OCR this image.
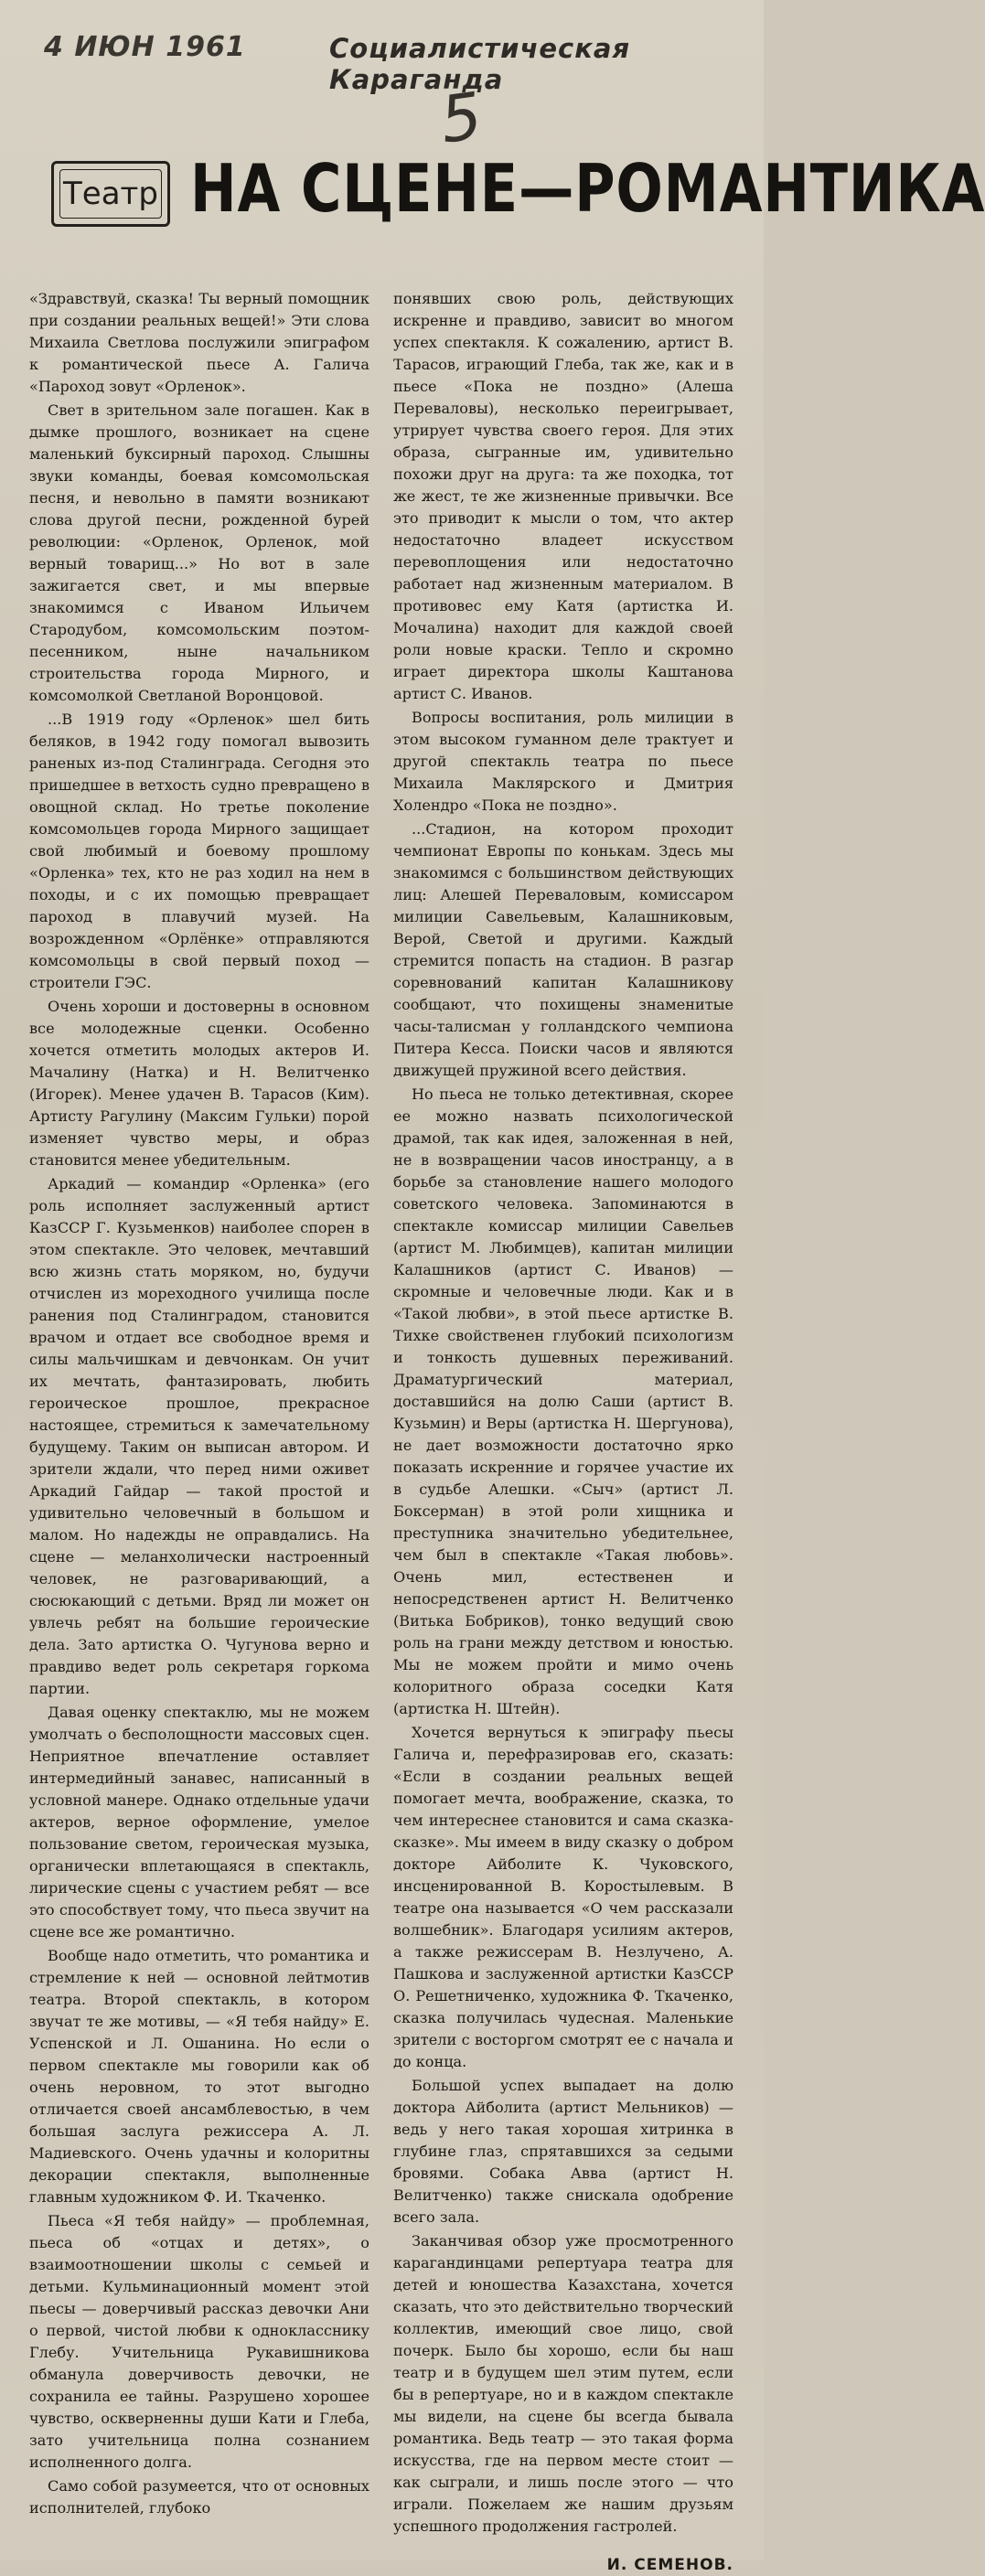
4 ИЮН 1961	Социалистическая Караганда
5
Театр НА СЦЕНЕ—РОМАНТИКА

«Здравствуй, сказка! Ты верный помощник при создании реальных вещей!» Эти слова Михаила Светлова послужили эпиграфом к романтической пьесе А. Галича «Пароход зовут «Орленок».

Свет в зрительном зале погашен. Как в дымке прошлого, возникает на сцене маленький буксирный пароход. Слышны звуки команды, боевая комсомольская песня, и невольно в памяти возникают слова другой песни, рожденной бурей революции: «Орленок, Орленок, мой верный товарищ...» Но вот в зале зажигается свет, и мы впервые знакомимся с Иваном Ильичем Стародубом, комсомольским поэтом-песенником, ныне начальником строительства города Мирного, и комсомолкой Светланой Воронцовой.

...В 1919 году «Орленок» шел бить беляков, в 1942 году помогал вывозить раненых из-под Сталинграда. Сегодня это пришедшее в ветхость судно превращено в овощной склад. Но третье поколение комсомольцев города Мирного защищает свой любимый и боевому прошлому «Орленка» тех, кто не раз ходил на нем в походы, и с их помощью превращает пароход в плавучий музей. На возрожденном «Орлёнке» отправляются комсомольцы в свой первый поход — строители ГЭС.

Очень хороши и достоверны в основном все молодежные сценки. Особенно хочется отметить молодых актеров И. Мачалину (Натка) и Н. Велитченко (Игорек). Менее удачен В. Тарасов (Ким). Артисту Рагулину (Максим Гульки) порой изменяет чувство меры, и образ становится менее убедительным.

Аркадий — командир «Орленка» (его роль исполняет заслуженный артист КазССР Г. Кузьменков) наиболее спорен в этом спектакле. Это человек, мечтавший всю жизнь стать моряком, но, будучи отчислен из мореходного училища после ранения под Сталинградом, становится врачом и отдает все свободное время и силы мальчишкам и девчонкам. Он учит их мечтать, фантазировать, любить героическое прошлое, прекрасное настоящее, стремиться к замечательному будущему. Таким он выписан автором. И зрители ждали, что перед ними оживет Аркадий Гайдар — такой простой и удивительно человечный в большом и малом. Но надежды не оправдались. На сцене — меланхолически настроенный человек, не разговаривающий, а сюсюкающий с детьми. Вряд ли может он увлечь ребят на большие героические дела. Зато артистка О. Чугунова верно и правдиво ведет роль секретаря горкома партии.

Давая оценку спектаклю, мы не можем умолчать о бесполощности массовых сцен. Неприятное впечатление оставляет интермедийный занавес, написанный в условной манере. Однако отдельные удачи актеров, верное оформление, умелое пользование светом, героическая музыка, органически вплетающаяся в спектакль, лирические сцены с участием ребят — все это способствует тому, что пьеса звучит на сцене все же романтично.

Вообще надо отметить, что романтика и стремление к ней — основной лейтмотив театра. Второй спектакль, в котором звучат те же мотивы, — «Я тебя найду» Е. Успенской и Л. Ошанина. Но если о первом спектакле мы говорили как об очень неровном, то этот выгодно отличается своей ансамблевостью, в чем большая заслуга режиссера А. Л. Мадиевского. Очень удачны и колоритны декорации спектакля, выполненные главным художником Ф. И. Ткаченко.

Пьеса «Я тебя найду» — проблемная, пьеса об «отцах и детях», о взаимоотношении школы с семьей и детьми. Кульминационный момент этой пьесы — доверчивый рассказ девочки Ани о первой, чистой любви к однокласснику Глебу. Учительница Рукавишникова обманула доверчивость девочки, не сохранила ее тайны. Разрушено хорошее чувство, оскверненны души Кати и Глеба, зато учительница полна сознанием исполненного долга.

Само собой разумеется, что от основных исполнителей, глубоко

понявших свою роль, действующих искренне и правдиво, зависит во многом успех спектакля. К сожалению, артист В. Тарасов, играющий Глеба, так же, как и в пьесе «Пока не поздно» (Алеша Переваловы), несколько переигрывает, утрирует чувства своего героя. Для этих образа, сыгранные им, удивительно похожи друг на друга: та же походка, тот же жест, те же жизненные привычки. Все это приводит к мысли о том, что актер недостаточно владеет искусством перевоплощения или недостаточно работает над жизненным материалом. В противовес ему Катя (артистка И. Мочалина) находит для каждой своей роли новые краски. Тепло и скромно играет директора школы Каштанова артист С. Иванов.

Вопросы воспитания, роль милиции в этом высоком гуманном деле трактует и другой спектакль театра по пьесе Михаила Маклярского и Дмитрия Холендро «Пока не поздно».

...Стадион, на котором проходит чемпионат Европы по конькам. Здесь мы знакомимся с большинством действующих лиц: Алешей Переваловым, комиссаром милиции Савельевым, Калашниковым, Верой, Светой и другими. Каждый стремится попасть на стадион. В разгар соревнований капитан Калашникову сообщают, что похищены знаменитые часы-талисман у голландского чемпиона Питера Кесса. Поиски часов и являются движущей пружиной всего действия.

Но пьеса не только детективная, скорее ее можно назвать психологической драмой, так как идея, заложенная в ней, не в возвращении часов иностранцу, а в борьбе за становление нашего молодого советского человека. Запоминаются в спектакле комиссар милиции Савельев (артист М. Любимцев), капитан милиции Калашников (артист С. Иванов) — скромные и человечные люди. Как и в «Такой любви», в этой пьесе артистке В. Тихке свойственен глубокий психологизм и тонкость душевных переживаний. Драматургический материал, доставшийся на долю Саши (артист В. Кузьмин) и Веры (артистка Н. Шергунова), не дает возможности достаточно ярко показать искренние и горячее участие их в судьбе Алешки. «Сыч» (артист Л. Боксерман) в этой роли хищника и преступника значительно убедительнее, чем был в спектакле «Такая любовь». Очень мил, естественен и непосредственен артист Н. Велитченко (Витька Бобриков), тонко ведущий свою роль на грани между детством и юностью. Мы не можем пройти и мимо очень колоритного образа соседки Катя (артистка Н. Штейн).

Хочется вернуться к эпиграфу пьесы Галича и, перефразировав его, сказать: «Если в создании реальных вещей помогает мечта, воображение, сказка, то чем интереснее становится и сама сказка-сказке». Мы имеем в виду сказку о добром докторе Айболите К. Чуковского, инсценированной В. Коростылевым. В театре она называется «О чем рассказали волшебник». Благодаря усилиям актеров, а также режиссерам В. Незлучено, А. Пашкова и заслуженной артистки КазССР О. Решетниченко, художника Ф. Ткаченко, сказка получилась чудесная. Маленькие зрители с восторгом смотрят ее с начала и до конца.

Большой успех выпадает на долю доктора Айболита (артист Мельников) — ведь у него такая хорошая хитринка в глубине глаз, спрятавшихся за седыми бровями. Собака Авва (артист Н. Велитченко) также снискала одобрение всего зала.

Заканчивая обзор уже просмотренного карагандинцами репертуара театра для детей и юношества Казахстана, хочется сказать, что это действительно творческий коллектив, имеющий свое лицо, свой почерк. Было бы хорошо, если бы наш театр и в будущем шел этим путем, если бы в репертуаре, но и в каждом спектакле мы видели, на сцене бы всегда бывала романтика. Ведь театр — это такая форма искусства, где на первом месте стоит — как сыграли, и лишь после этого — что играли. Пожелаем же нашим друзьям успешного продолжения гастролей.

И. СЕМЕНОВ.
